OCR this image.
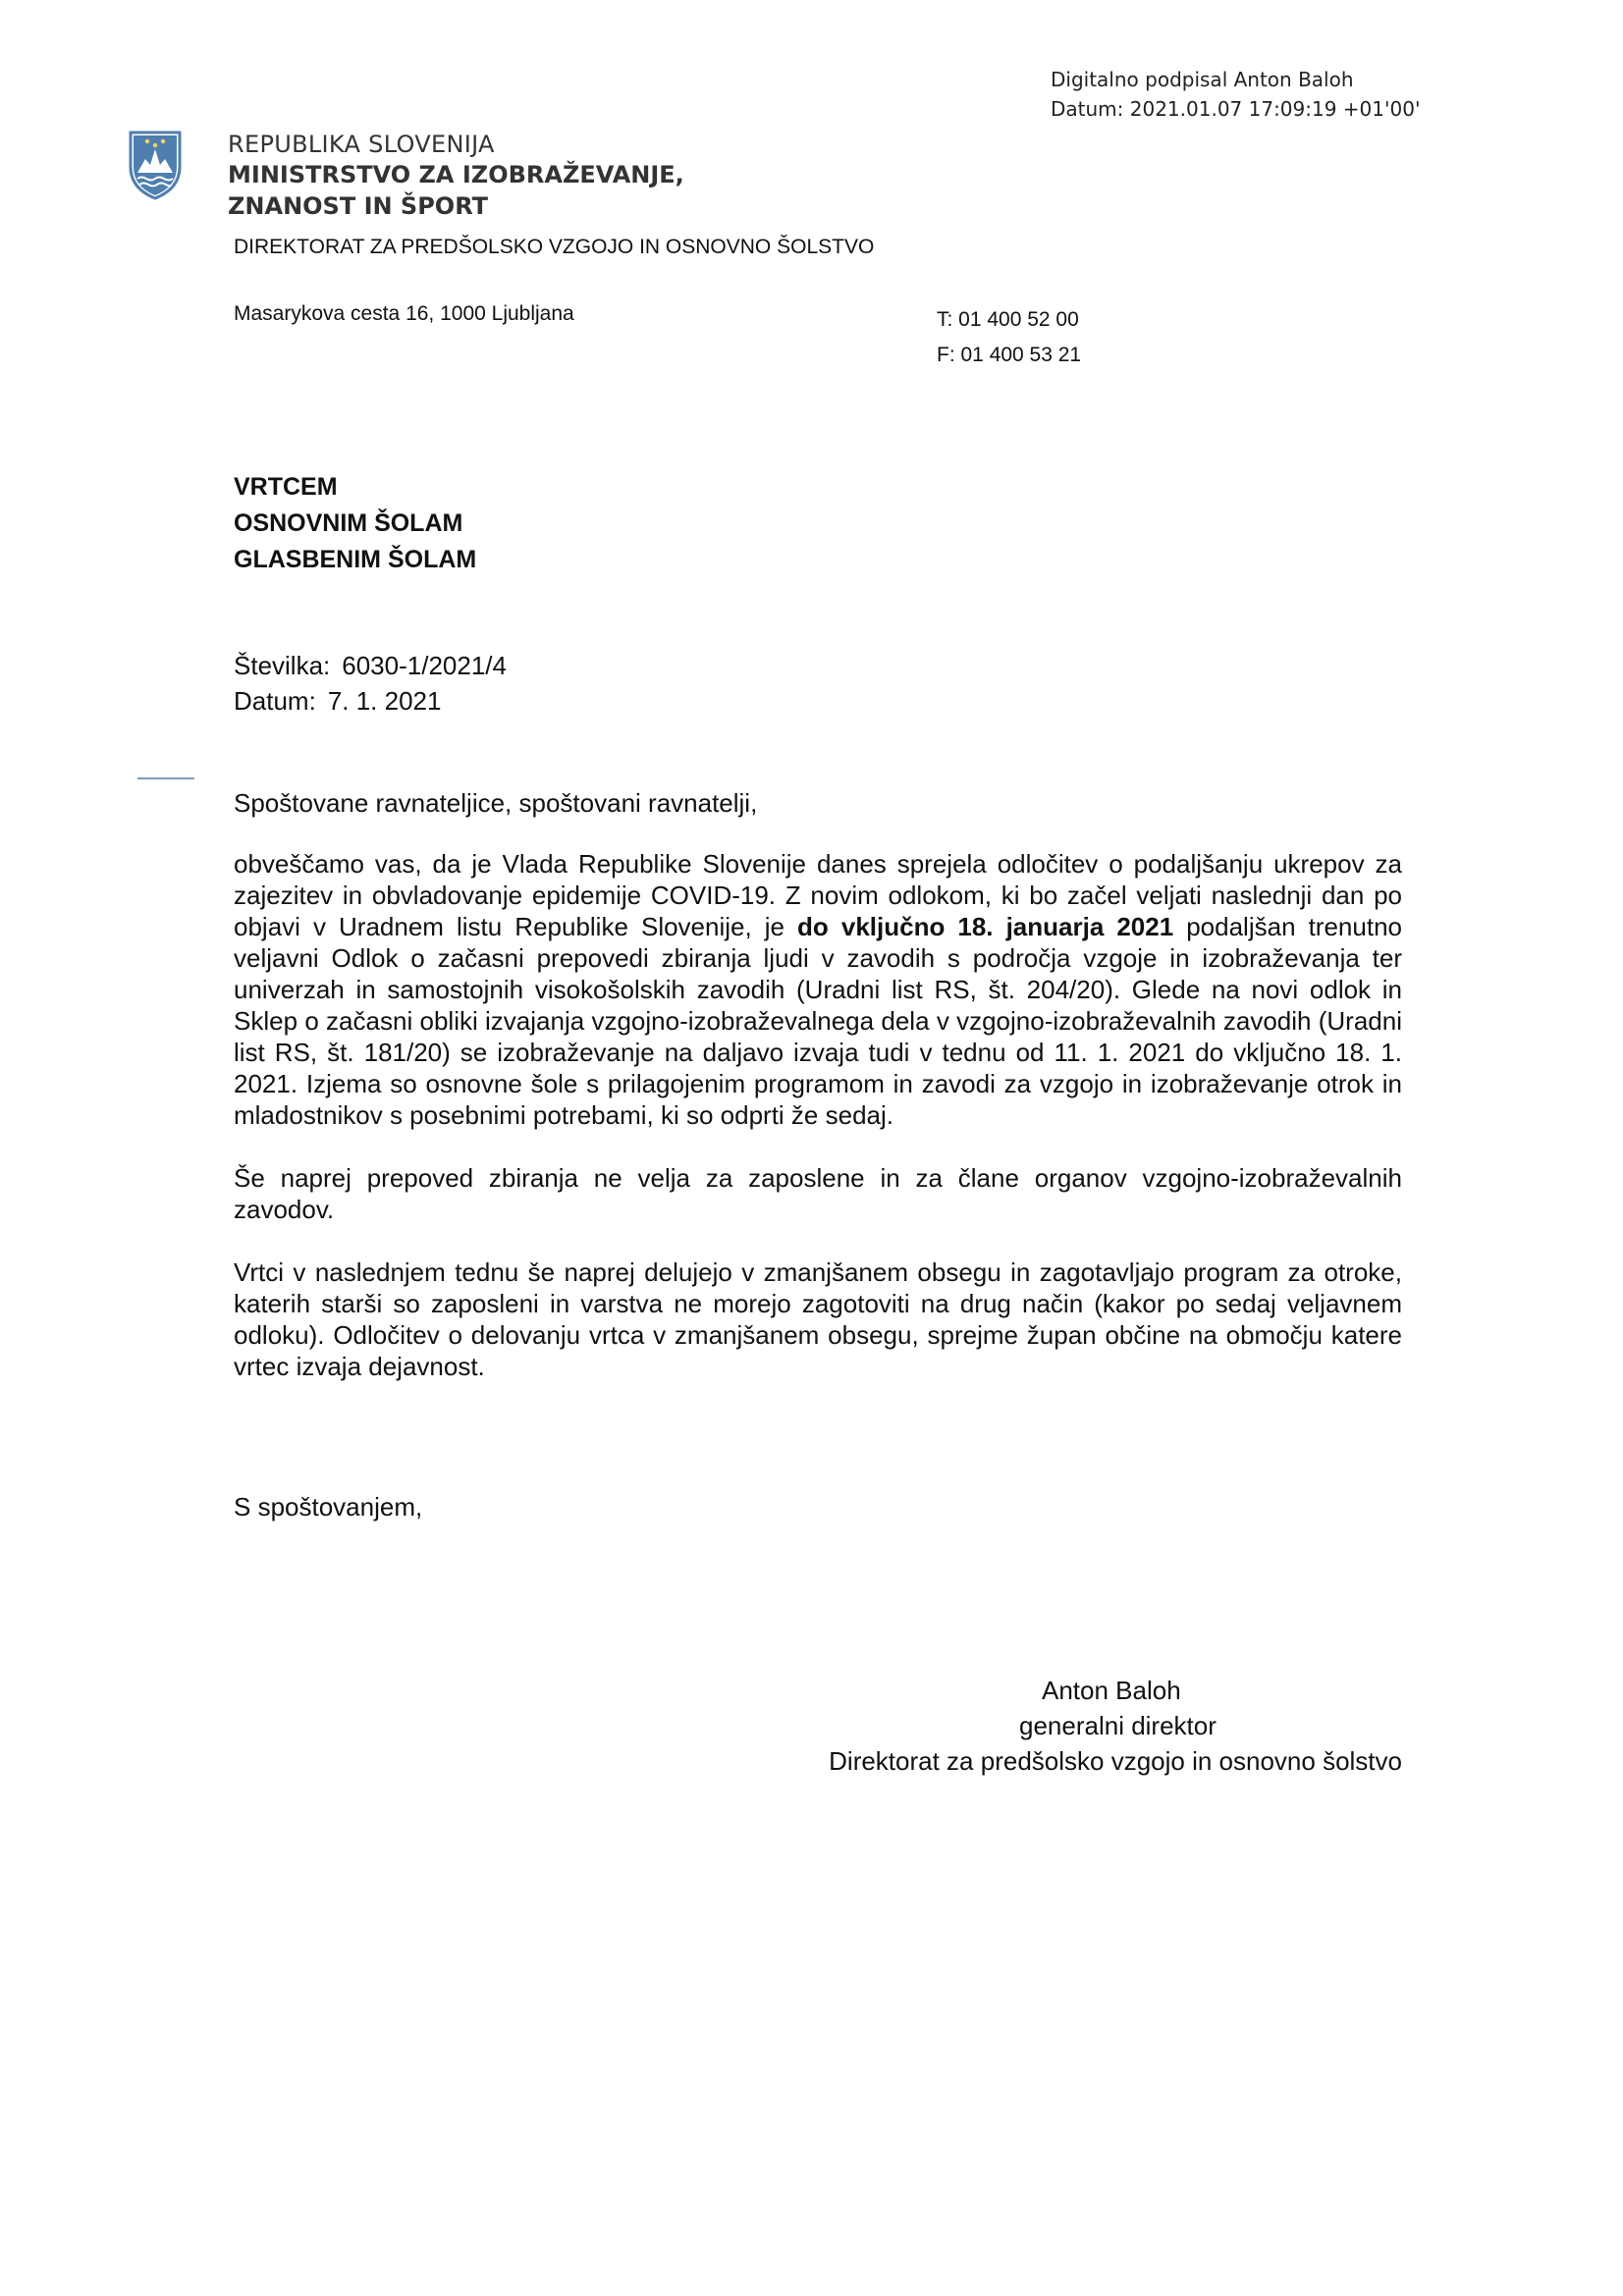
Digitalno podpisal Anton Baloh
Datum: 2021.01.07 17:09:19 +01'00'
REPUBLIKA SLOVENIJA
MINISTRSTVO ZA IZOBRAŽEVANJE,
ZNANOST IN ŠPORT
DIREKTORAT ZA PREDŠOLSKO VZGOJO IN OSNOVNO ŠOLSTVO
Masarykova cesta 16, 1000 Ljubljana	T: 01 400 52 00
F: 01 400 53 21
VRTCEM
OSNOVNIM ŠOLAM
GLASBENIM ŠOLAM
Številka: 6030-1/2021/4
Datum: 7. 1. 2021
Spoštovane ravnateljice, spoštovani ravnatelji,

obveščamo vas, da je Vlada Republike Slovenije danes sprejela odločitev o podaljšanju ukrepov za zajezitev in obvladovanje epidemije COVID-19. Z novim odlokom, ki bo začel veljati naslednji dan po objavi v Uradnem listu Republike Slovenije, je do vključno 18. januarja 2021 podaljšan trenutno veljavni Odlok o začasni prepovedi zbiranja ljudi v zavodih s področja vzgoje in izobraževanja ter univerzah in samostojnih visokošolskih zavodih (Uradni list RS, št. 204/20). Glede na novi odlok in Sklep o začasni obliki izvajanja vzgojno-izobraževalnega dela v vzgojno-izobraževalnih zavodih (Uradni list RS, št. 181/20) se izobraževanje na daljavo izvaja tudi v tednu od 11. 1. 2021 do vključno 18. 1. 2021. Izjema so osnovne šole s prilagojenim programom in zavodi za vzgojo in izobraževanje otrok in mladostnikov s posebnimi potrebami, ki so odprti že sedaj.

Še naprej prepoved zbiranja ne velja za zaposlene in za člane organov vzgojno-izobraževalnih zavodov.

Vrtci v naslednjem tednu še naprej delujejo v zmanjšanem obsegu in zagotavljajo program za otroke, katerih starši so zaposleni in varstva ne morejo zagotoviti na drug način (kakor po sedaj veljavnem odloku). Odločitev o delovanju vrtca v zmanjšanem obsegu, sprejme župan občine na območju katere vrtec izvaja dejavnost.

S spoštovanjem,
Anton Baloh
generalni direktor
Direktorat za predšolsko vzgojo in osnovno šolstvo
